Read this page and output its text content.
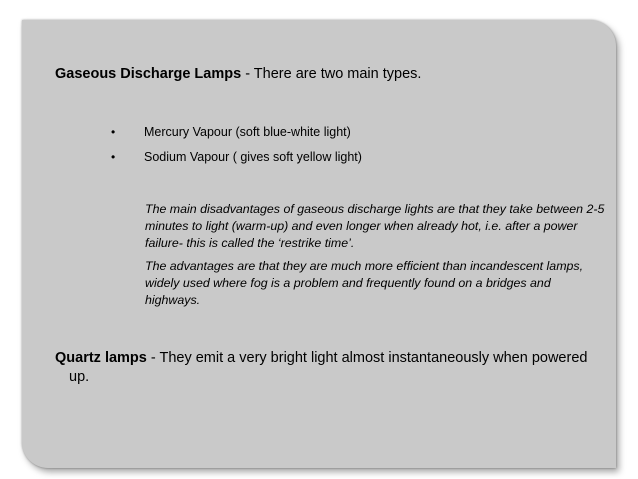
Gaseous Discharge Lamps - There are two main types.
• Mercury Vapour (soft blue-white light)
• Sodium Vapour ( gives soft yellow light)
The main disadvantages of gaseous discharge lights are that they take between 2-5 minutes to light (warm-up) and even longer when already hot, i.e. after a power failure- this is called the ‘restrike time’.
The advantages are that they are much more efficient than incandescent lamps, widely used where fog is a problem and frequently found on a bridges and highways.
Quartz lamps - They emit a very bright light almost instantaneously when powered up.
